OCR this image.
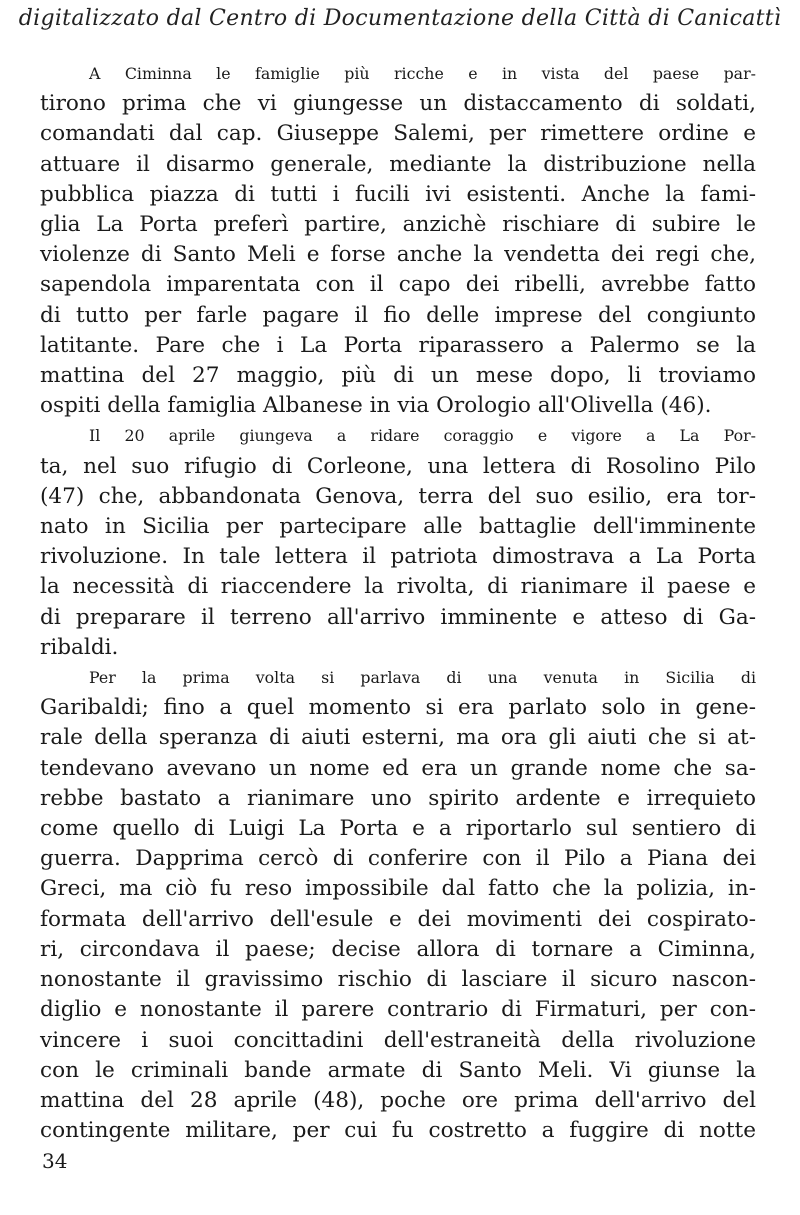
digitalizzato dal Centro di Documentazione della Città di Canicattì
A Ciminna le famiglie più ricche e in vista del paese par-
tirono prima che vi giungesse un distaccamento di soldati,
comandati dal cap. Giuseppe Salemi, per rimettere ordine e
attuare il disarmo generale, mediante la distribuzione nella
pubblica piazza di tutti i fucili ivi esistenti. Anche la fami-
glia La Porta preferì partire, anzichè rischiare di subire le
violenze di Santo Meli e forse anche la vendetta dei regi che,
sapendola imparentata con il capo dei ribelli, avrebbe fatto
di tutto per farle pagare il fio delle imprese del congiunto
latitante. Pare che i La Porta riparassero a Palermo se la
mattina del 27 maggio, più di un mese dopo, li troviamo
ospiti della famiglia Albanese in via Orologio all'Olivella (46).
Il 20 aprile giungeva a ridare coraggio e vigore a La Por-
ta, nel suo rifugio di Corleone, una lettera di Rosolino Pilo
(47) che, abbandonata Genova, terra del suo esilio, era tor-
nato in Sicilia per partecipare alle battaglie dell'imminente
rivoluzione. In tale lettera il patriota dimostrava a La Porta
la necessità di riaccendere la rivolta, di rianimare il paese e
di preparare il terreno all'arrivo imminente e atteso di Ga-
ribaldi.
Per la prima volta si parlava di una venuta in Sicilia di
Garibaldi; fino a quel momento si era parlato solo in gene-
rale della speranza di aiuti esterni, ma ora gli aiuti che si at-
tendevano avevano un nome ed era un grande nome che sa-
rebbe bastato a rianimare uno spirito ardente e irrequieto
come quello di Luigi La Porta e a riportarlo sul sentiero di
guerra. Dapprima cercò di conferire con il Pilo a Piana dei
Greci, ma ciò fu reso impossibile dal fatto che la polizia, in-
formata dell'arrivo dell'esule e dei movimenti dei cospirato-
ri, circondava il paese; decise allora di tornare a Ciminna,
nonostante il gravissimo rischio di lasciare il sicuro nascon-
diglio e nonostante il parere contrario di Firmaturi, per con-
vincere i suoi concittadini dell'estraneità della rivoluzione
con le criminali bande armate di Santo Meli. Vi giunse la
mattina del 28 aprile (48), poche ore prima dell'arrivo del
contingente militare, per cui fu costretto a fuggire di notte
34
